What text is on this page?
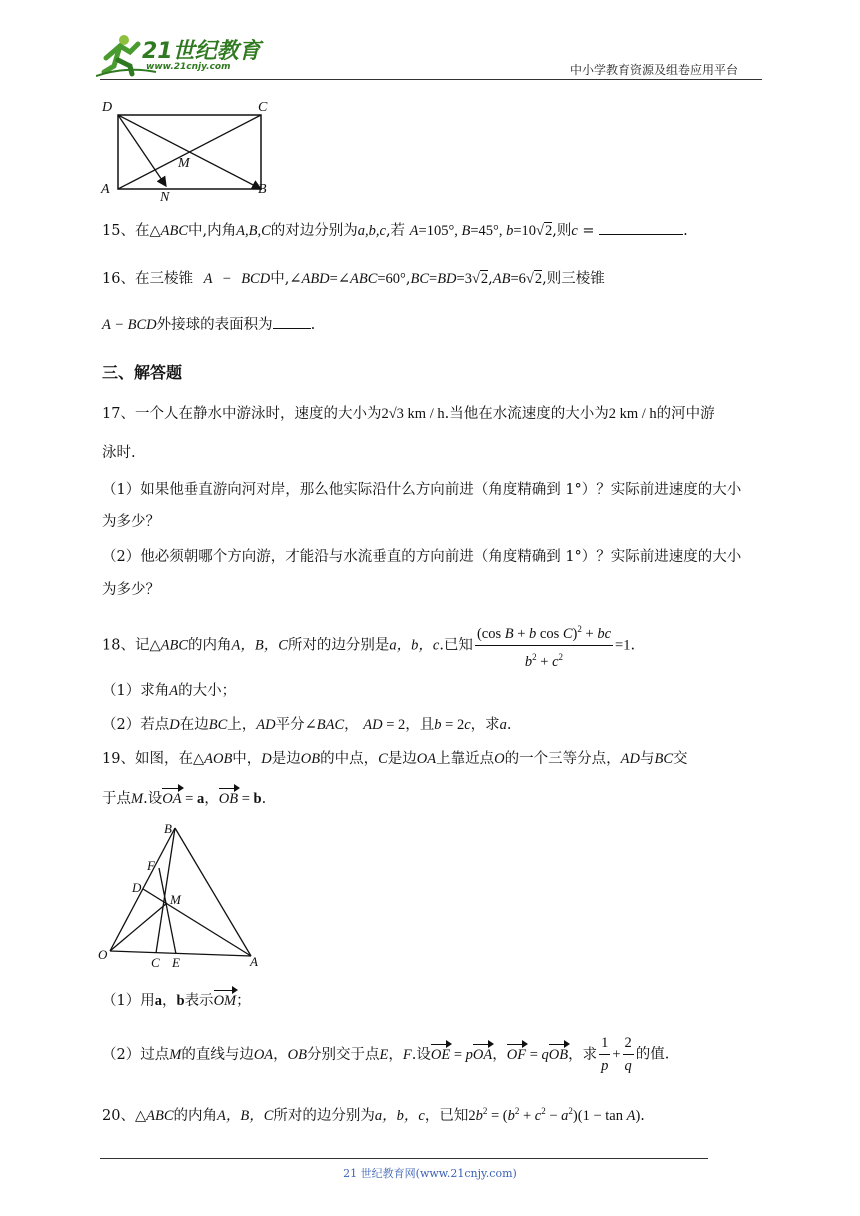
21世纪教育
www.21cnjy.com	中小学教育资源及组卷应用平台
D	C
M
A
N
B
15、在△ABC中,内角A,B,C的对边分别为a,b,c,若 A=105°, B=45°, b=10√2,则c =	.
16、在三棱锥 A − BCD中,∠ABD=∠ABC=60°,BC=BD=3√2,AB=6√2,则三棱锥
A − BCD外接球的表面积为	.
三、解答题
17、一个人在静水中游泳时，速度的大小为2√3 km / h.当他在水流速度的大小为2 km / h的河中游
泳时.
（1）如果他垂直游向河对岸，那么他实际沿什么方向前进（角度精确到 1°）？实际前进速度的大小
为多少？
（2）他必须朝哪个方向游，才能沿与水流垂直的方向前进（角度精确到 1°）？实际前进速度的大小
为多少？
18、记△ABC的内角A，B，C所对的边分别是a，b，c.已知 $\frac{(\cos B + b \cos C)^2 + bc}{b^2 + c^2} =1$.
（1）求角A的大小；
（2）若点D在边BC上，AD平分∠BAC， AD = 2，且b = 2c，求a.
19、如图，在△AOB中，D是边OB的中点，C是边OA上靠近点O的一个三等分点，AD与BC交
于点M.设OA = a，OB = b.
B
F
D
M
O
C E	A
（1）用a，b表示OM；
（2）过点M的直线与边OA，OB分别交于点E，F.设OE = pOA，OF = qOB，求 $\frac{1}{p} + \frac{2}{q}$ 的值.
20、△ABC的内角A，B，C所对的边分别为a，b，c，已知$2b^2 = (b^2 + c^2 - a^2)(1 - \tan A)$.
21 世纪教育网(www.21cnjy.com)
